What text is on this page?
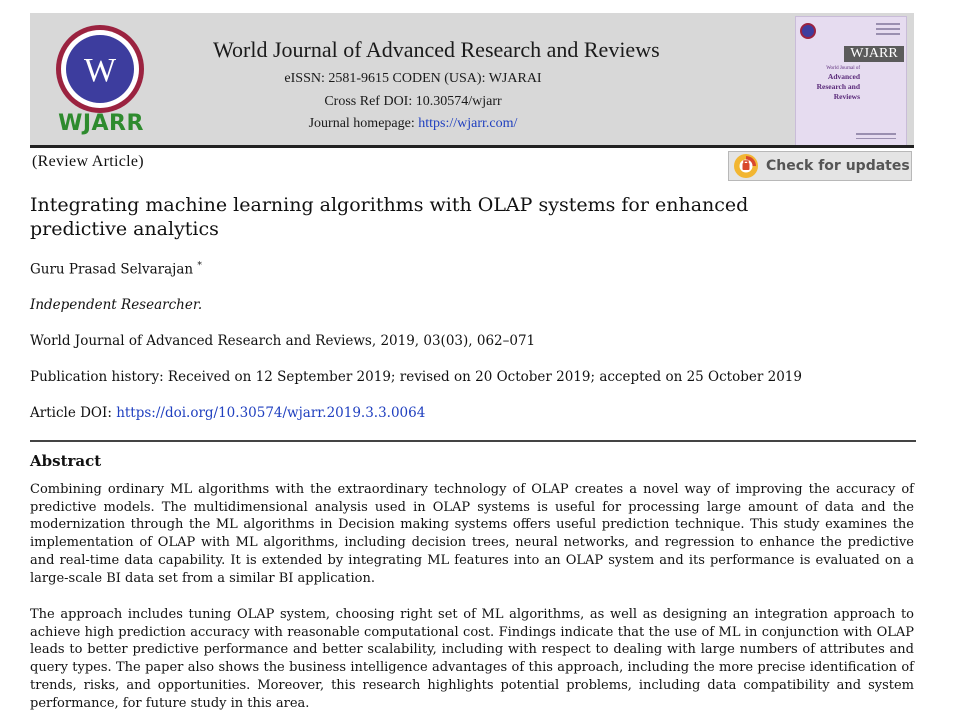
W
WJARR
World Journal of Advanced Research and Reviews
eISSN: 2581-9615 CODEN (USA): WJARAI
Cross Ref DOI: 10.30574/wjarr
Journal homepage: https://wjarr.com/
WJARR
World Journal of
Advanced
Research and
Reviews
(Review Article)	Check for updates
Integrating machine learning algorithms with OLAP systems for enhanced predictive analytics
Guru Prasad Selvarajan *
Independent Researcher.
World Journal of Advanced Research and Reviews, 2019, 03(03), 062–071
Publication history: Received on 12 September 2019; revised on 20 October 2019; accepted on 25 October 2019
Article DOI: https://doi.org/10.30574/wjarr.2019.3.3.0064
Abstract
Combining ordinary ML algorithms with the extraordinary technology of OLAP creates a novel way of improving the accuracy of predictive models. The multidimensional analysis used in OLAP systems is useful for processing large amount of data and the modernization through the ML algorithms in Decision making systems offers useful prediction technique. This study examines the implementation of OLAP with ML algorithms, including decision trees, neural networks, and regression to enhance the predictive and real-time data capability. It is extended by integrating ML features into an OLAP system and its performance is evaluated on a large-scale BI data set from a similar BI application.
The approach includes tuning OLAP system, choosing right set of ML algorithms, as well as designing an integration approach to achieve high prediction accuracy with reasonable computational cost. Findings indicate that the use of ML in conjunction with OLAP leads to better predictive performance and better scalability, including with respect to dealing with large numbers of attributes and query types. The paper also shows the business intelligence advantages of this approach, including the more precise identification of trends, risks, and opportunities. Moreover, this research highlights potential problems, including data compatibility and system performance, for future study in this area.
